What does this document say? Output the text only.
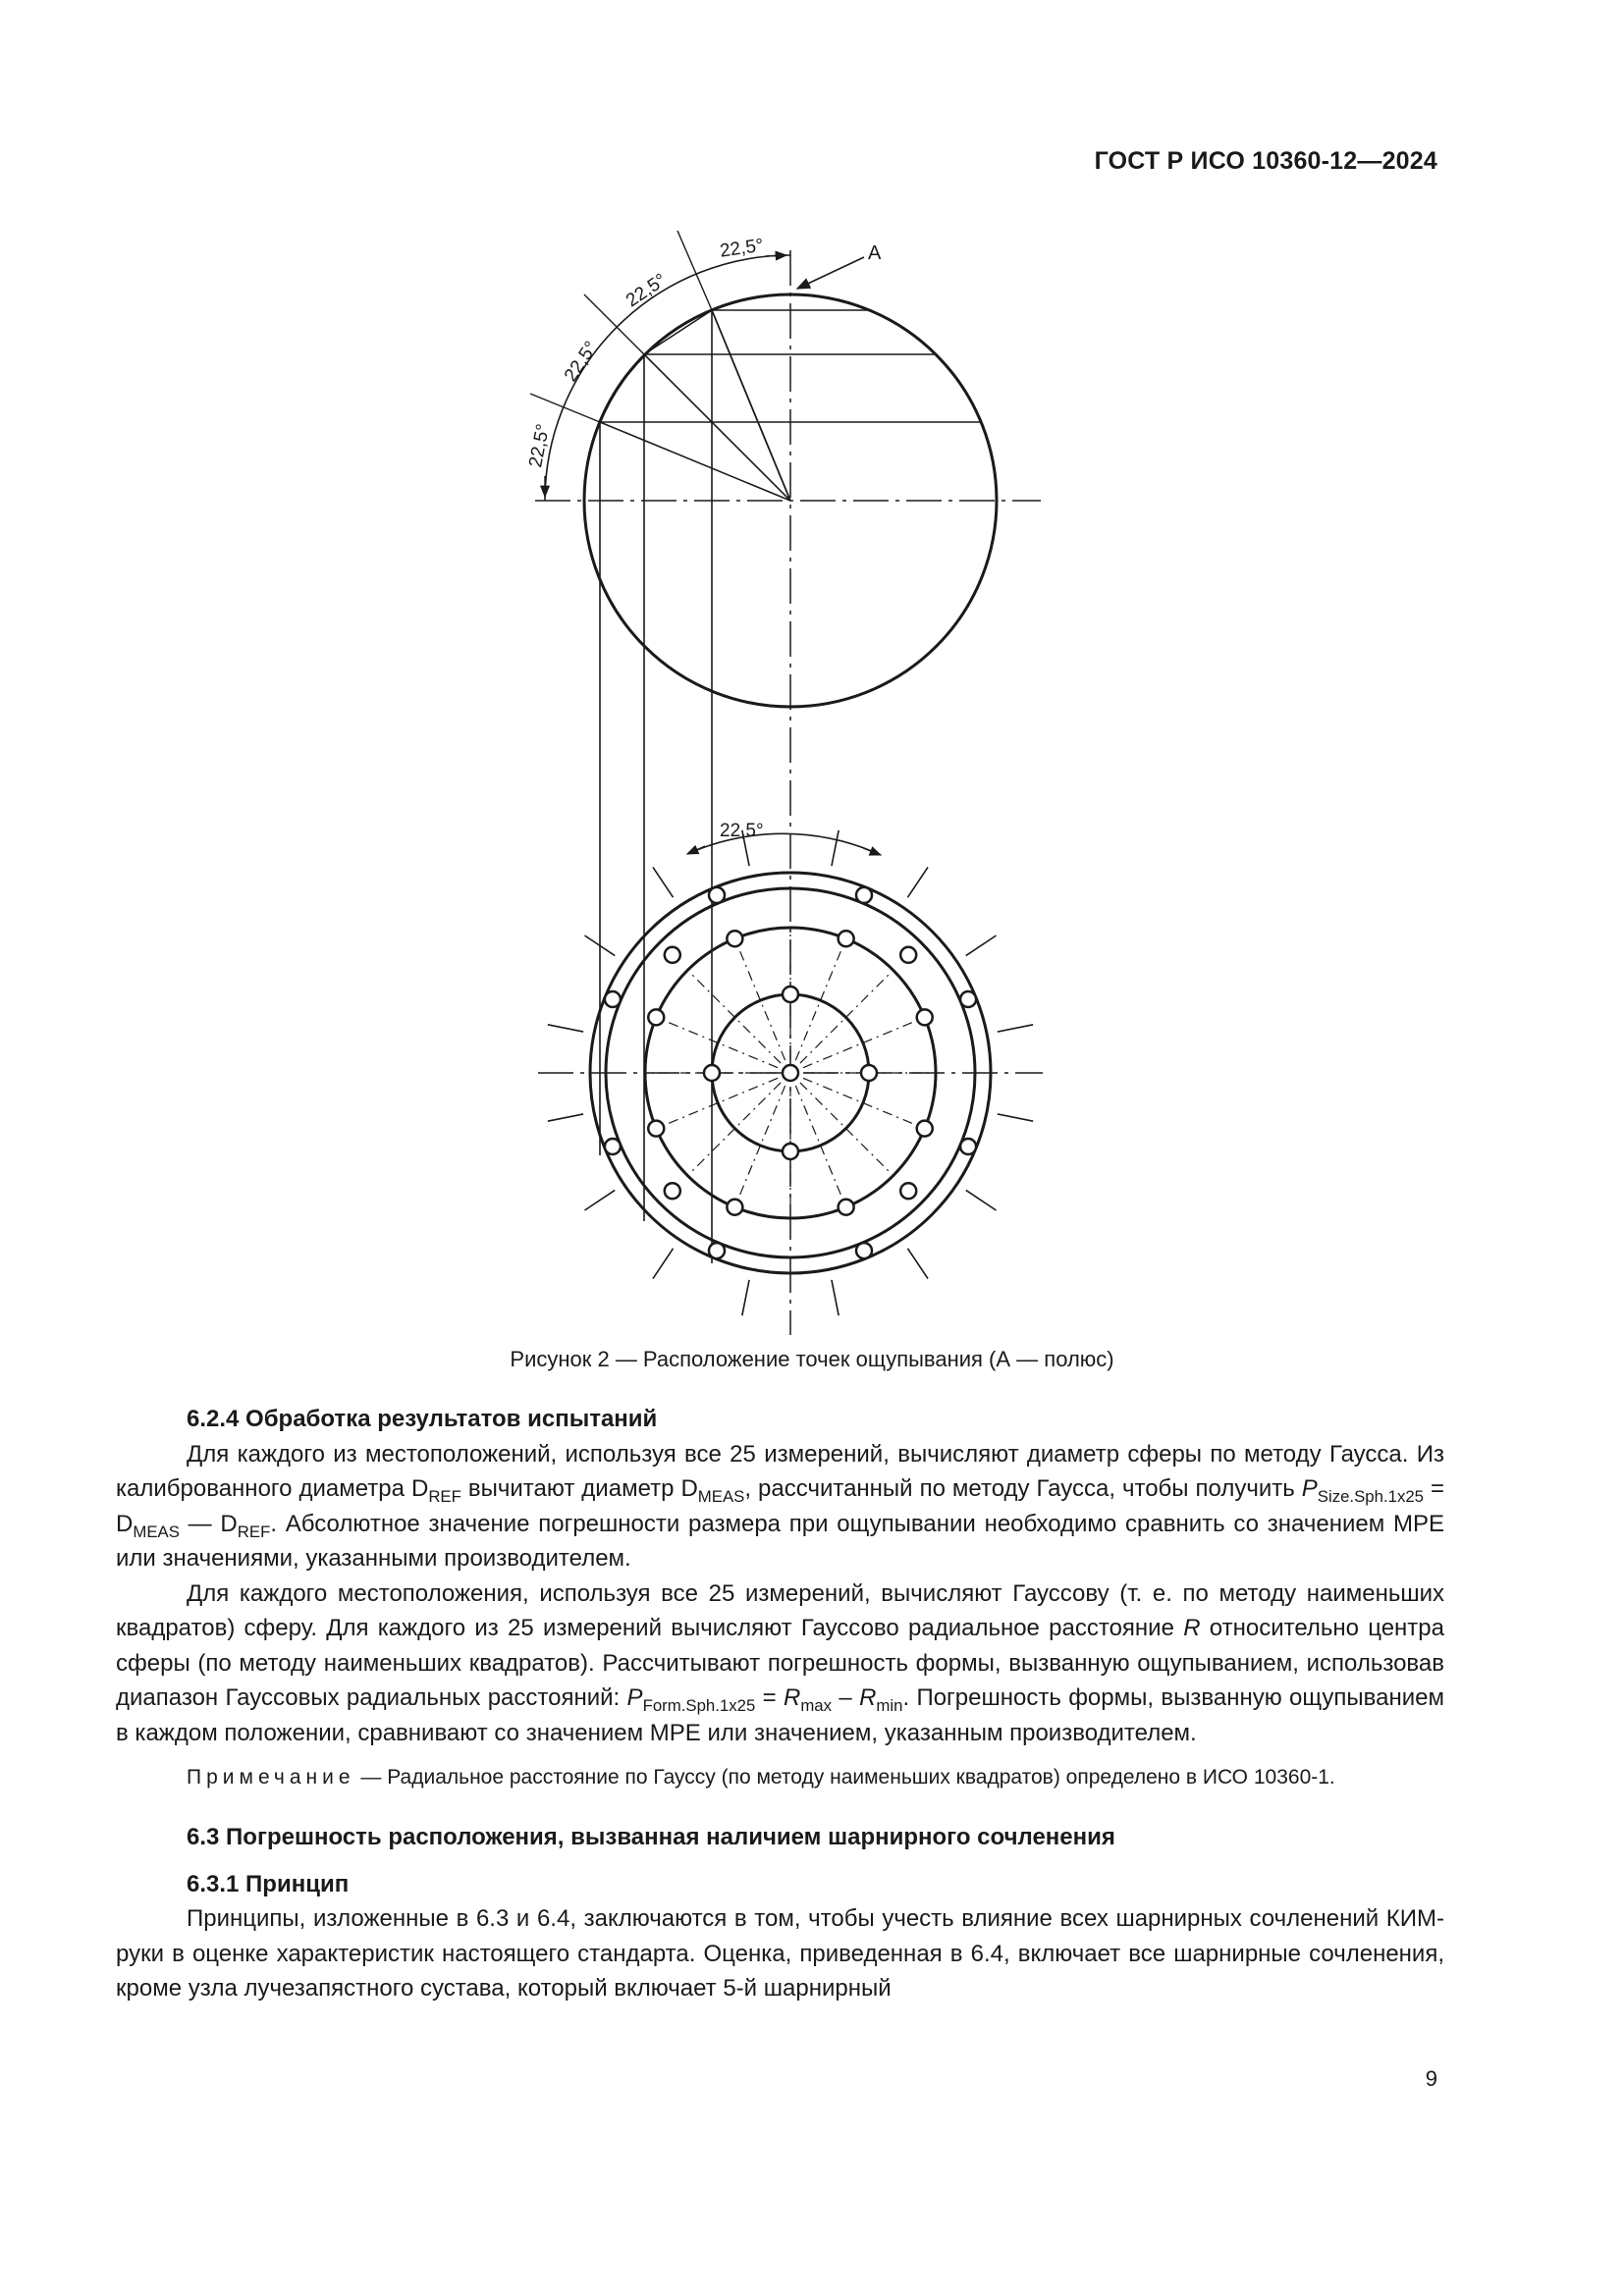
ГОСТ Р ИСО 10360-12—2024
22,5°
22,5°
22,5°
22,5°
A
22,5°
Рисунок 2 — Расположение точек ощупывания (А — полюс)
6.2.4 Обработка результатов испытаний

Для каждого из местоположений, используя все 25 измерений, вычисляют диаметр сферы по методу Гаусса. Из калиброванного диаметра $D_{REF}$ вычитают диаметр $D_{MEAS}$, рассчитанный по методу Гаусса, чтобы получить $P_{Size.Sph.1x25} = D_{MEAS}$ — $D_{REF}$. Абсолютное значение погрешности размера при ощупывании необходимо сравнить со значением МРЕ или значениями, указанными производителем.

Для каждого местоположения, используя все 25 измерений, вычисляют Гауссову (т. е. по методу наименьших квадратов) сферу. Для каждого из 25 измерений вычисляют Гауссово радиальное расстояние R относительно центра сферы (по методу наименьших квадратов). Рассчитывают погрешность формы, вызванную ощупыванием, использовав диапазон Гауссовых радиальных расстояний: $P_{Form.Sph.1x25} = R_{max} - R_{min}$. Погрешность формы, вызванную ощупыванием в каждом положении, сравнивают со значением МРЕ или значением, указанным производителем.

Примечание — Радиальное расстояние по Гауссу (по методу наименьших квадратов) определено в ИСО 10360-1.

6.3 Погрешность расположения, вызванная наличием шарнирного сочленения
6.3.1 Принцип

Принципы, изложенные в 6.3 и 6.4, заключаются в том, чтобы учесть влияние всех шарнирных сочленений КИМ-руки в оценке характеристик настоящего стандарта. Оценка, приведенная в 6.4, включает все шарнирные сочленения, кроме узла лучезапястного сустава, который включает 5-й шарнирный

9
